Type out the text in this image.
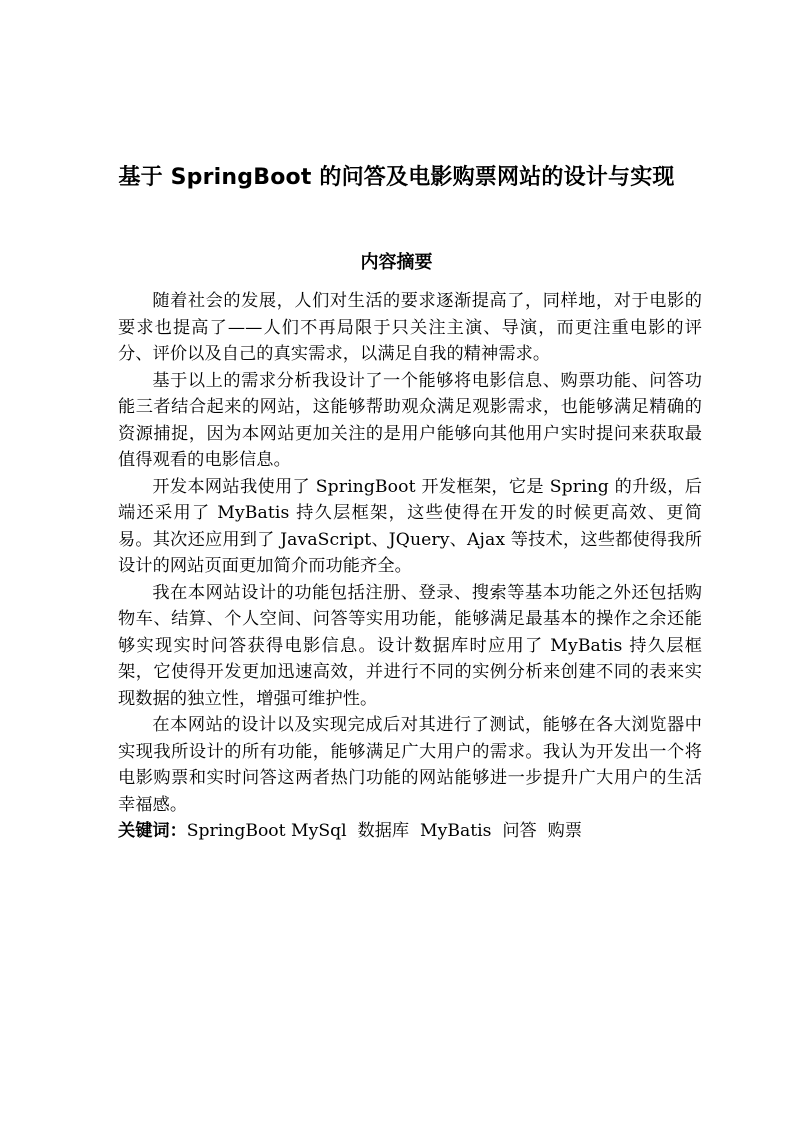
基于 SpringBoot 的问答及电影购票网站的设计与实现
内容摘要

随着社会的发展，人们对生活的要求逐渐提高了，同样地，对于电影的要求也提高了——人们不再局限于只关注主演、导演，而更注重电影的评分、评价以及自己的真实需求，以满足自我的精神需求。

基于以上的需求分析我设计了一个能够将电影信息、购票功能、问答功能三者结合起来的网站，这能够帮助观众满足观影需求，也能够满足精确的资源捕捉，因为本网站更加关注的是用户能够向其他用户实时提问来获取最值得观看的电影信息。

开发本网站我使用了 SpringBoot 开发框架，它是 Spring 的升级，后端还采用了 MyBatis 持久层框架，这些使得在开发的时候更高效、更简易。其次还应用到了 JavaScript、JQuery、Ajax 等技术，这些都使得我所设计的网站页面更加简介而功能齐全。

我在本网站设计的功能包括注册、登录、搜索等基本功能之外还包括购物车、结算、个人空间、问答等实用功能，能够满足最基本的操作之余还能够实现实时问答获得电影信息。设计数据库时应用了 MyBatis 持久层框架，它使得开发更加迅速高效，并进行不同的实例分析来创建不同的表来实现数据的独立性，增强可维护性。

在本网站的设计以及实现完成后对其进行了测试，能够在各大浏览器中实现我所设计的所有功能，能够满足广大用户的需求。我认为开发出一个将电影购票和实时问答这两者热门功能的网站能够进一步提升广大用户的生活幸福感。

关键词：SpringBoot MySql  数据库  MyBatis  问答  购票
